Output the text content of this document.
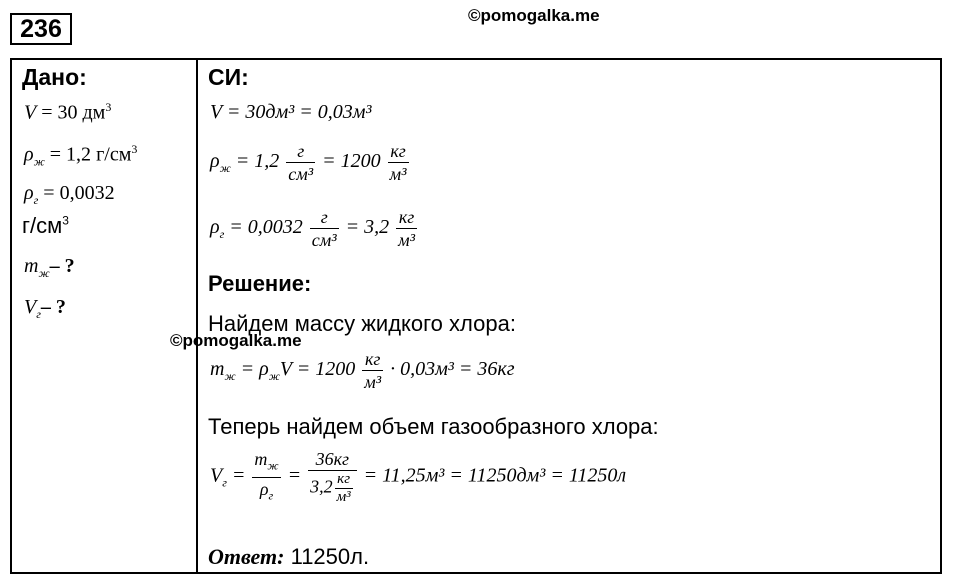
236	©pomogalka.me
Дано:
V = 30 $дм^3$
$\rho_ж = 1,2$ $г/см^3$
$\rho_г = 0,0032$
$г/см^3$
$m_ж-$ ?
$V_г-$ ?
©pomogalka.me
СИ:
V = 30дм³ = 0,03м³
$\rho_ж = 1,2 \frac{г}{\text{см³}} = 1200 \frac{кг}{\text{м³}}$
$\rho_г = 0,0032 \frac{г}{\text{см³}} = 3,2 \frac{кг}{\text{м³}}$
Решение:
Найдем массу жидкого хлора:
$m_ж = \rho_жV = 1200 \frac{кг}{\text{м³}} \cdot 0,03м^3 = 36кг$
Теперь найдем объем газообразного хлора:
$V_г = \frac{m_ж}{\rho_г} = \frac{36кг}{3,2 \frac{кг}{\text{м³}}} = 11,25м^3 = 11250дм^3 = 11250л$
Ответ: 11250л.
